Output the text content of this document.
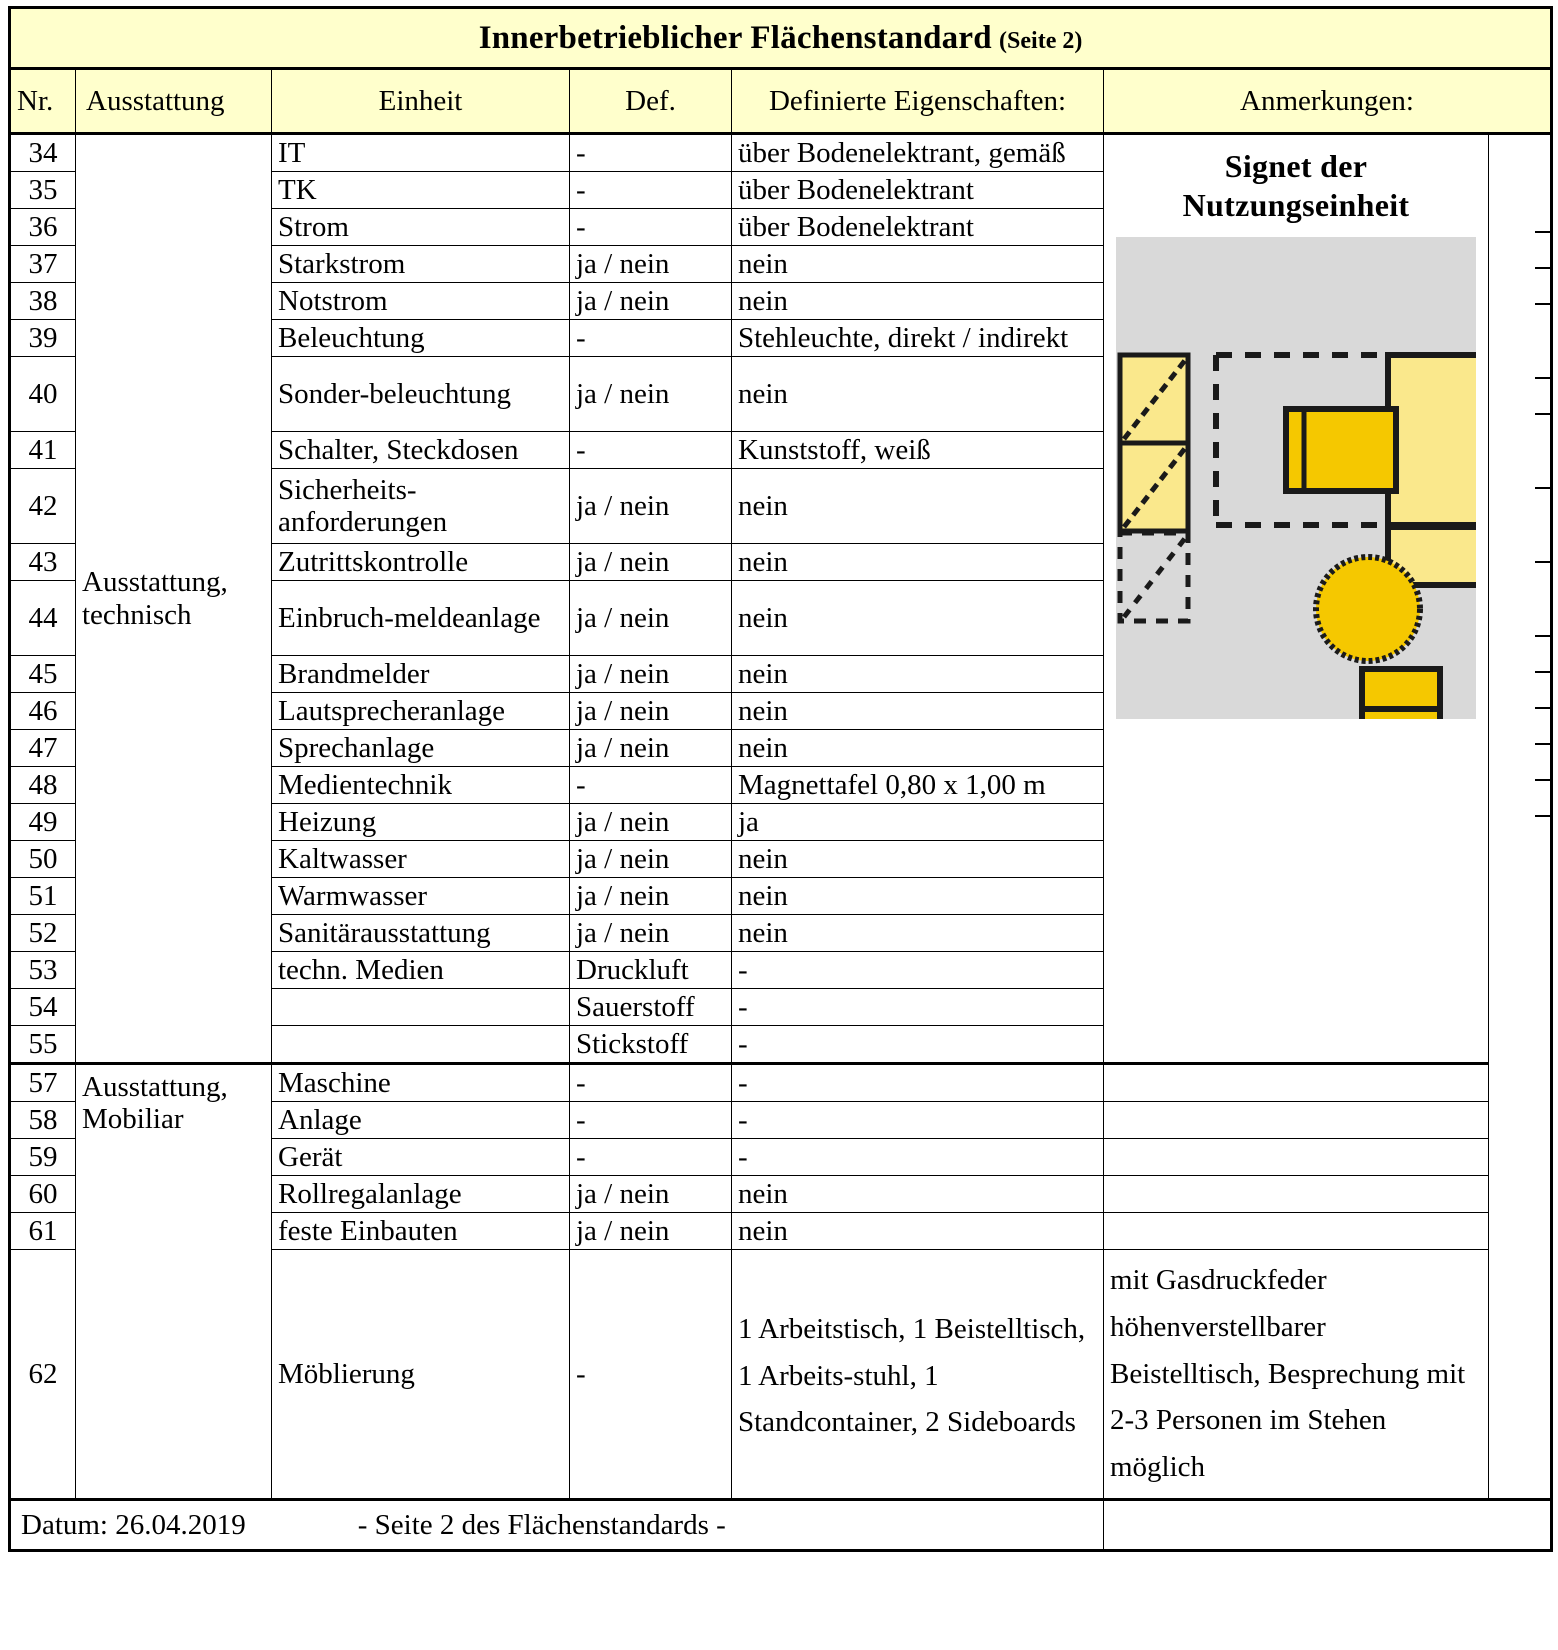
Innerbetrieblicher Flächenstandard (Seite 2)						
Nr.	Ausstattung	Einheit	Def.	Definierte Eigenschaften:	Anmerkungen:	
34	Ausstattung, technisch	IT	-	über Bodenelektrant, gemäß	Signet der
Nutzungseinheit	

35		TK	-	über Bodenelektrant		
36		Strom	-	über Bodenelektrant		
37		Starkstrom	ja / nein	nein		
38		Notstrom	ja / nein	nein		
39		Beleuchtung	-	Stehleuchte, direkt / indirekt		
40		Sonder-beleuchtung	ja / nein	nein		
41		Schalter, Steckdosen	-	Kunststoff, weiß		
42		Sicherheits-anforderungen	ja / nein	nein		
43		Zutrittskontrolle	ja / nein	nein		
44		Einbruch-meldeanlage	ja / nein	nein		
45		Brandmelder	ja / nein	nein		
46		Lautsprecheranlage	ja / nein	nein		
47		Sprechanlage	ja / nein	nein		
48		Medientechnik	-	Magnettafel 0,80 x 1,00 m		
49		Heizung	ja / nein	ja		
50		Kaltwasser	ja / nein	nein		
51		Warmwasser	ja / nein	nein		
52		Sanitärausstattung	ja / nein	nein		
53		techn. Medien	Druckluft	-		
54			Sauerstoff	-		
55			Stickstoff	-		
57	Ausstattung, Mobiliar	Maschine	-	-		
58		Anlage	-	-		
59		Gerät	-	-		
60		Rollregalanlage	ja / nein	nein		
61		feste Einbauten	ja / nein	nein		
62		Möblierung	-	1 Arbeitstisch, 1 Beistelltisch, 1 Arbeits-stuhl, 1 Standcontainer, 2 Sideboards	mit Gasdruckfeder höhenverstellbarer Beistelltisch, Besprechung mit 2-3 Personen im Stehen möglich	

Datum: 26.04.2019 - Seite 2 des Flächenstandards -						
